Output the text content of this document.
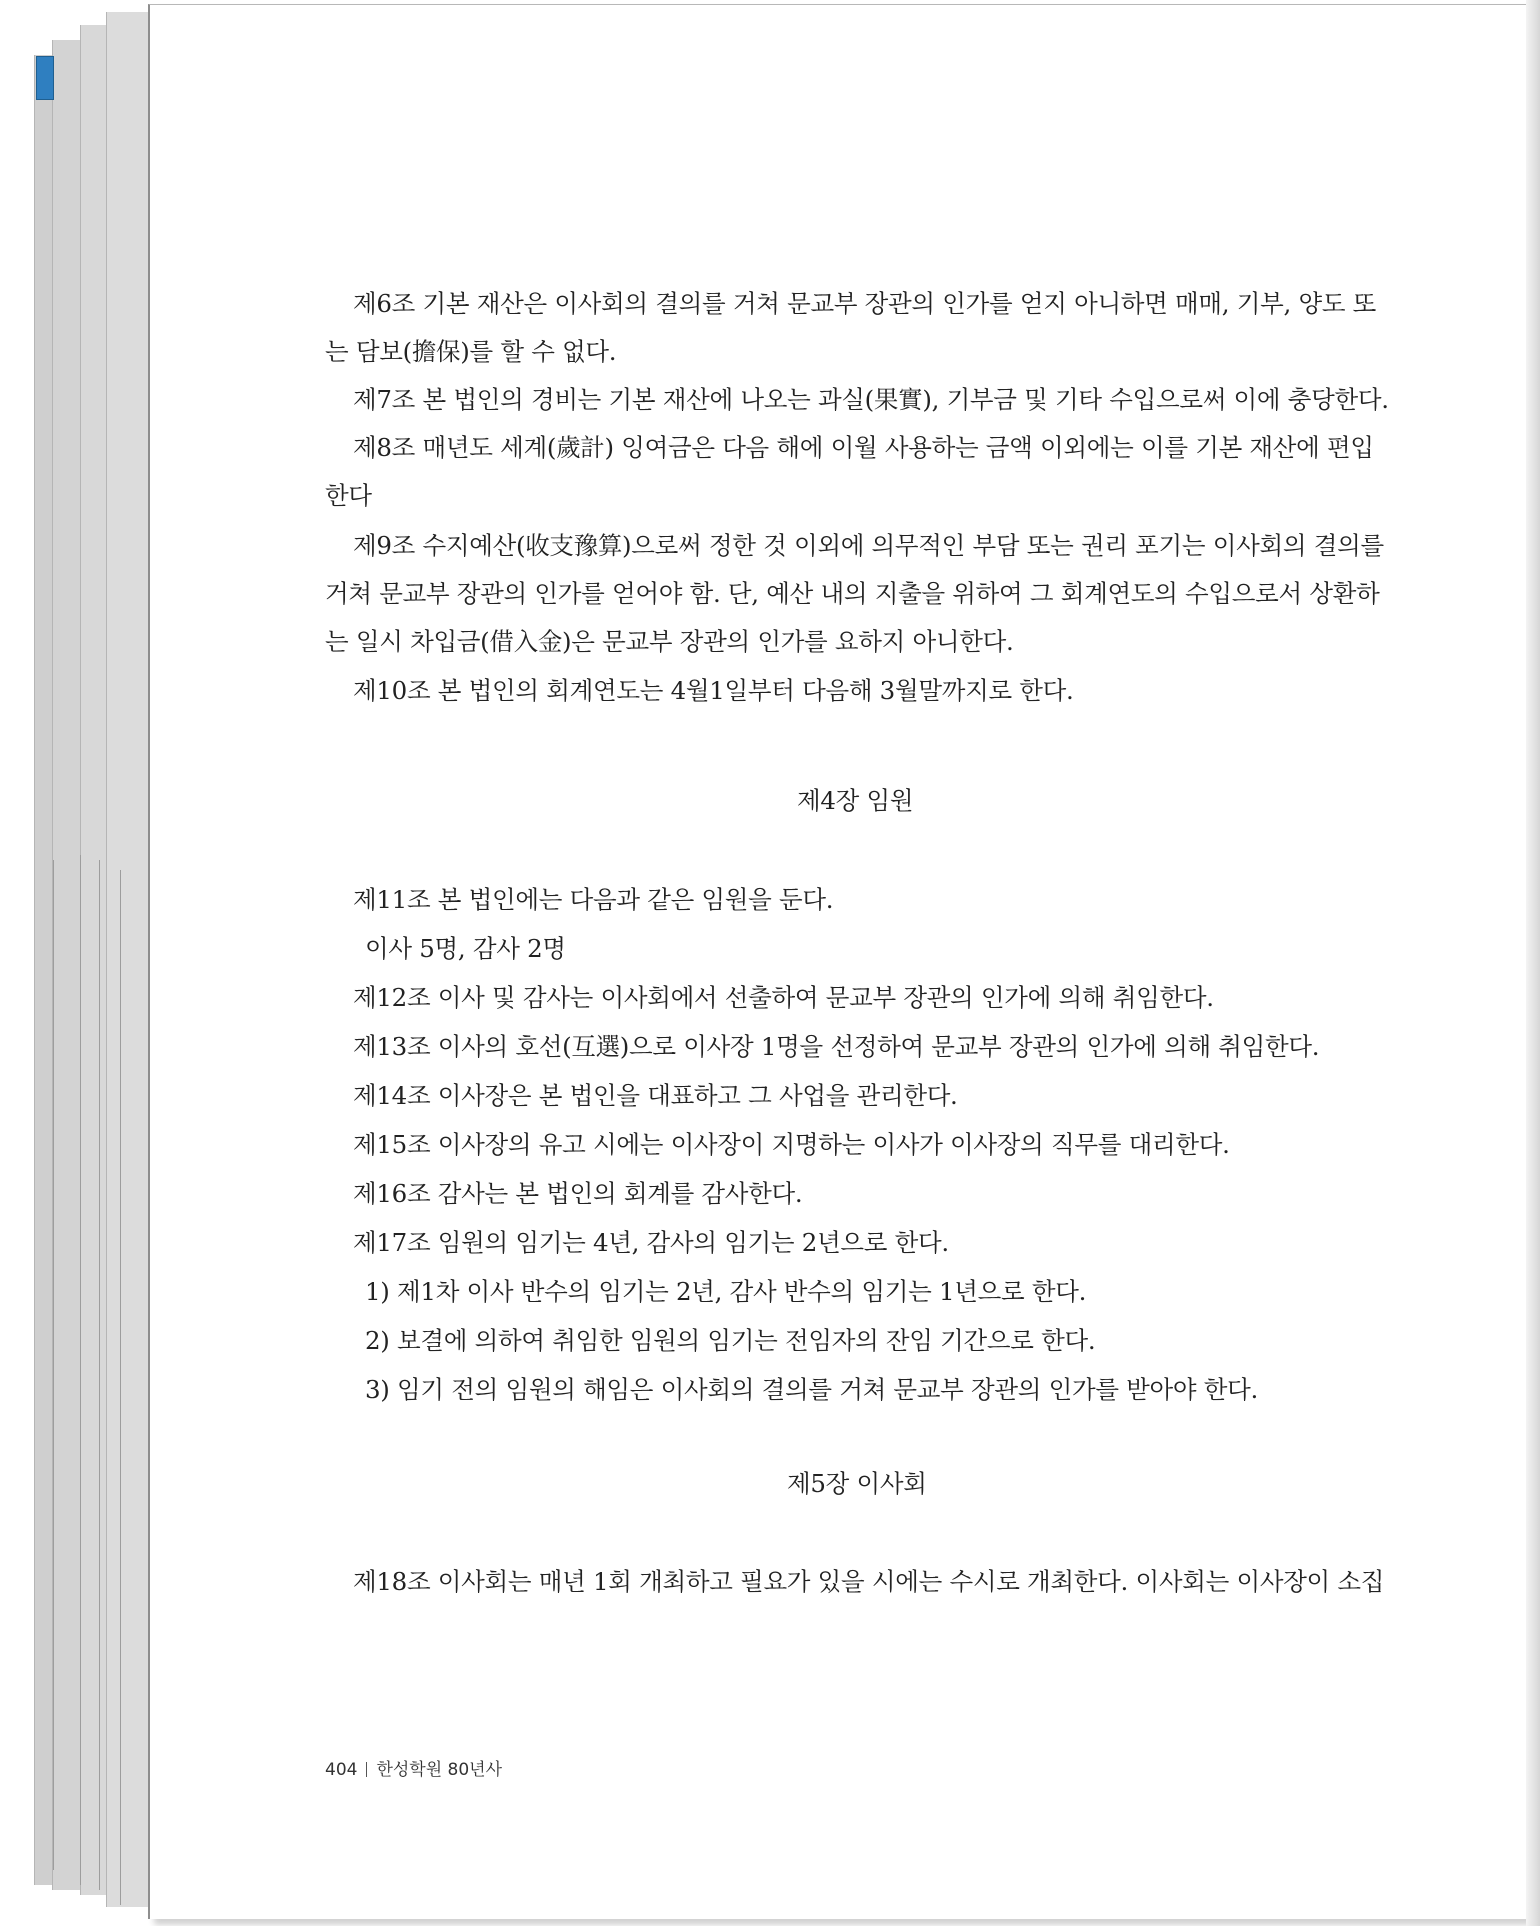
제6조 기본 재산은 이사회의 결의를 거쳐 문교부 장관의 인가를 얻지 아니하면 매매, 기부, 양도 또
는 담보(擔保)를 할 수 없다.
제7조 본 법인의 경비는 기본 재산에 나오는 과실(果實), 기부금 및 기타 수입으로써 이에 충당한다.
제8조 매년도 세계(歲計) 잉여금은 다음 해에 이월 사용하는 금액 이외에는 이를 기본 재산에 편입
한다
제9조 수지예산(收支豫算)으로써 정한 것 이외에 의무적인 부담 또는 권리 포기는 이사회의 결의를
거쳐 문교부 장관의 인가를 얻어야 함. 단, 예산 내의 지출을 위하여 그 회계연도의 수입으로서 상환하
는 일시 차입금(借入金)은 문교부 장관의 인가를 요하지 아니한다.
제10조 본 법인의 회계연도는 4월1일부터 다음해 3월말까지로 한다.
제4장 임원
제11조 본 법인에는 다음과 같은 임원을 둔다.
이사 5명, 감사 2명
제12조 이사 및 감사는 이사회에서 선출하여 문교부 장관의 인가에 의해 취임한다.
제13조 이사의 호선(互選)으로 이사장 1명을 선정하여 문교부 장관의 인가에 의해 취임한다.
제14조 이사장은 본 법인을 대표하고 그 사업을 관리한다.
제15조 이사장의 유고 시에는 이사장이 지명하는 이사가 이사장의 직무를 대리한다.
제16조 감사는 본 법인의 회계를 감사한다.
제17조 임원의 임기는 4년, 감사의 임기는 2년으로 한다.
1) 제1차 이사 반수의 임기는 2년, 감사 반수의 임기는 1년으로 한다.
2) 보결에 의하여 취임한 임원의 임기는 전임자의 잔임 기간으로 한다.
3) 임기 전의 임원의 해임은 이사회의 결의를 거쳐 문교부 장관의 인가를 받아야 한다.
제5장 이사회
제18조 이사회는 매년 1회 개최하고 필요가 있을 시에는 수시로 개최한다. 이사회는 이사장이 소집
404 한성학원 80년사
